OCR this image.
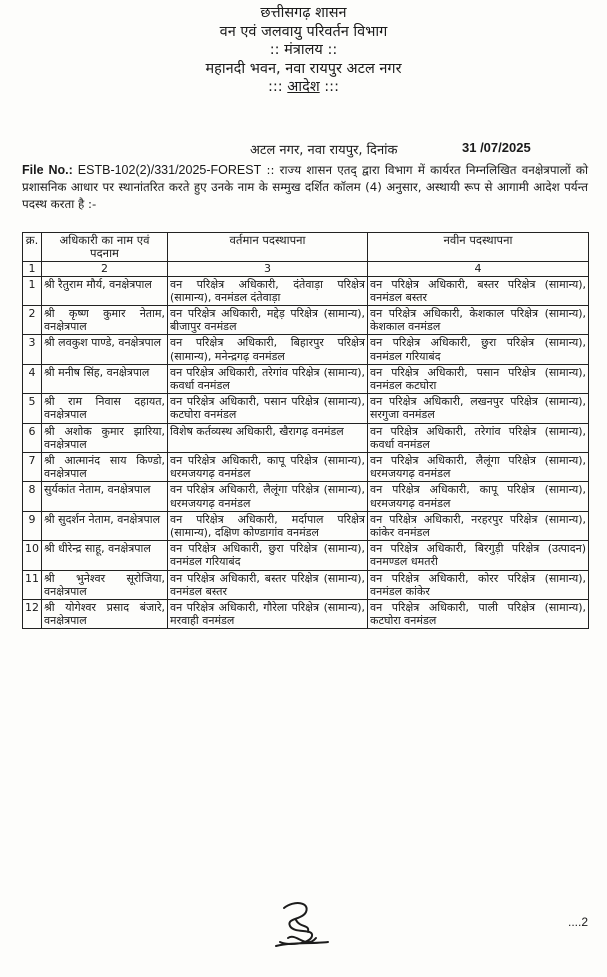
छत्तीसगढ़ शासन
वन एवं जलवायु परिवर्तन विभाग
:: मंत्रालय ::
महानदी भवन, नवा रायपुर अटल नगर
::: आदेश :::
अटल नगर, नवा रायपुर, दिनांक	31 /07/2025
File No.: ESTB-102(2)/331/2025-FOREST :: राज्य शासन एतद् द्वारा विभाग में कार्यरत निम्नलिखित वनक्षेत्रपालों को प्रशासनिक आधार पर स्थानांतरित करते हुए उनके नाम के सम्मुख दर्शित कॉलम (4) अनुसार, अस्थायी रूप से आगामी आदेश पर्यन्त पदस्थ करता है :-
क्र.	अधिकारी का नाम एवं पदनाम	वर्तमान पदस्थापना	नवीन पदस्थापना
1	2	3	4
1	श्री रैतुराम मौर्य, वनक्षेत्रपाल	वन परिक्षेत्र अधिकारी, दंतेवाड़ा परिक्षेत्र (सामान्य), वनमंडल दंतेवाड़ा	वन परिक्षेत्र अधिकारी, बस्तर परिक्षेत्र (सामान्य), वनमंडल बस्तर
2	श्री कृष्ण कुमार नेताम, वनक्षेत्रपाल	वन परिक्षेत्र अधिकारी, मद्देड़ परिक्षेत्र (सामान्य), बीजापुर वनमंडल	वन परिक्षेत्र अधिकारी, केशकाल परिक्षेत्र (सामान्य), केशकाल वनमंडल
3	श्री लवकुश पाण्डे, वनक्षेत्रपाल	वन परिक्षेत्र अधिकारी, बिहारपुर परिक्षेत्र (सामान्य), मनेन्द्रगढ़ वनमंडल	वन परिक्षेत्र अधिकारी, छुरा परिक्षेत्र (सामान्य), वनमंडल गरियाबंद
4	श्री मनीष सिंह, वनक्षेत्रपाल	वन परिक्षेत्र अधिकारी, तरेगांव परिक्षेत्र (सामान्य), कवर्धा वनमंडल	वन परिक्षेत्र अधिकारी, पसान परिक्षेत्र (सामान्य), वनमंडल कटघोरा
5	श्री राम निवास दहायत, वनक्षेत्रपाल	वन परिक्षेत्र अधिकारी, पसान परिक्षेत्र (सामान्य), कटघोरा वनमंडल	वन परिक्षेत्र अधिकारी, लखनपुर परिक्षेत्र (सामान्य), सरगुजा वनमंडल
6	श्री अशोक कुमार झारिया, वनक्षेत्रपाल	विशेष कर्तव्यस्थ अधिकारी, खैरागढ़ वनमंडल	वन परिक्षेत्र अधिकारी, तरेगांव परिक्षेत्र (सामान्य), कवर्धा वनमंडल
7	श्री आत्मानंद साय किण्डो, वनक्षेत्रपाल	वन परिक्षेत्र अधिकारी, कापू परिक्षेत्र (सामान्य), धरमजयगढ़ वनमंडल	वन परिक्षेत्र अधिकारी, लैलूंगा परिक्षेत्र (सामान्य), धरमजयगढ़ वनमंडल
8	सुर्यकांत नेताम, वनक्षेत्रपाल	वन परिक्षेत्र अधिकारी, लैलूंगा परिक्षेत्र (सामान्य), धरमजयगढ़ वनमंडल	वन परिक्षेत्र अधिकारी, कापू परिक्षेत्र (सामान्य), धरमजयगढ़ वनमंडल
9	श्री सुदर्शन नेताम, वनक्षेत्रपाल	वन परिक्षेत्र अधिकारी, मर्दापाल परिक्षेत्र (सामान्य), दक्षिण कोण्डागांव वनमंडल	वन परिक्षेत्र अधिकारी, नरहरपुर परिक्षेत्र (सामान्य), कांकेर वनमंडल
10	श्री धीरेन्द्र साहू, वनक्षेत्रपाल	वन परिक्षेत्र अधिकारी, छुरा परिक्षेत्र (सामान्य), वनमंडल गरियाबंद	वन परिक्षेत्र अधिकारी, बिरगुड़ी परिक्षेत्र (उत्पादन) वनमण्डल धमतरी
11	श्री भुनेश्वर सूरोजिया, वनक्षेत्रपाल	वन परिक्षेत्र अधिकारी, बस्तर परिक्षेत्र (सामान्य), वनमंडल बस्तर	वन परिक्षेत्र अधिकारी, कोरर परिक्षेत्र (सामान्य), वनमंडल कांकेर
12	श्री योगेश्वर प्रसाद बंजारे, वनक्षेत्रपाल	वन परिक्षेत्र अधिकारी, गौरेला परिक्षेत्र (सामान्य), मरवाही वनमंडल	वन परिक्षेत्र अधिकारी, पाली परिक्षेत्र (सामान्य), कटघोरा वनमंडल
....2
